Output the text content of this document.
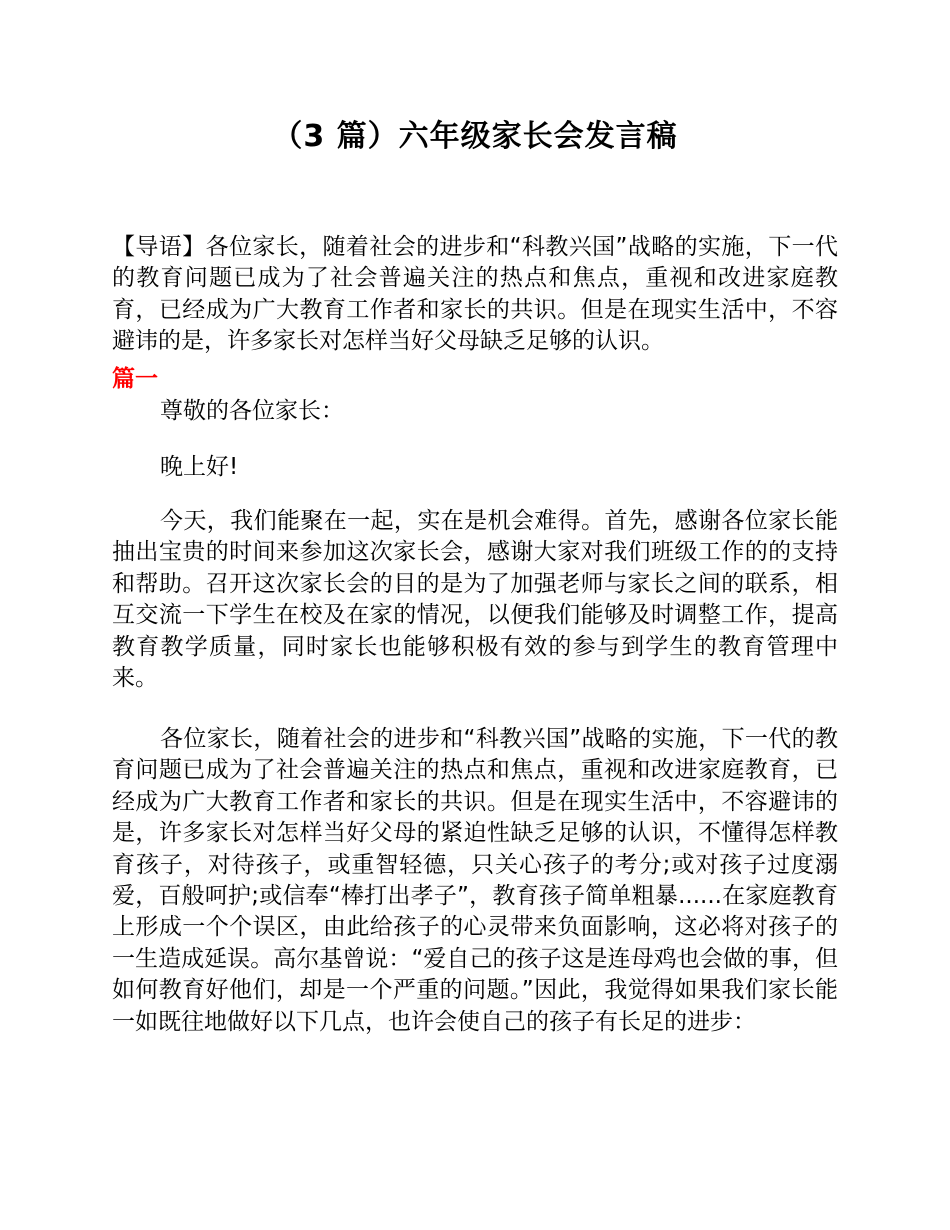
（3 篇）六年级家长会发言稿
【导语】各位家长，随着社会的进步和“科教兴国”战略的实施，下一代的教育问题已成为了社会普遍关注的热点和焦点，重视和改进家庭教育，已经成为广大教育工作者和家长的共识。但是在现实生活中，不容避讳的是，许多家长对怎样当好父母缺乏足够的认识。
篇一
尊敬的各位家长：
晚上好!
今天，我们能聚在一起，实在是机会难得。首先，感谢各位家长能抽出宝贵的时间来参加这次家长会，感谢大家对我们班级工作的的支持和帮助。召开这次家长会的目的是为了加强老师与家长之间的联系，相互交流一下学生在校及在家的情况，以便我们能够及时调整工作，提高教育教学质量，同时家长也能够积极有效的参与到学生的教育管理中来。
各位家长，随着社会的进步和“科教兴国”战略的实施，下一代的教育问题已成为了社会普遍关注的热点和焦点，重视和改进家庭教育，已经成为广大教育工作者和家长的共识。但是在现实生活中，不容避讳的是，许多家长对怎样当好父母的紧迫性缺乏足够的认识，不懂得怎样教育孩子，对待孩子，或重智轻德，只关心孩子的考分;或对孩子过度溺爱，百般呵护;或信奉“棒打出孝子”，教育孩子简单粗暴......在家庭教育上形成一个个误区，由此给孩子的心灵带来负面影响，这必将对孩子的一生造成延误。高尔基曾说：“爱自己的孩子这是连母鸡也会做的事，但如何教育好他们，却是一个严重的问题。”因此，我觉得如果我们家长能一如既往地做好以下几点，也许会使自己的孩子有长足的进步：
